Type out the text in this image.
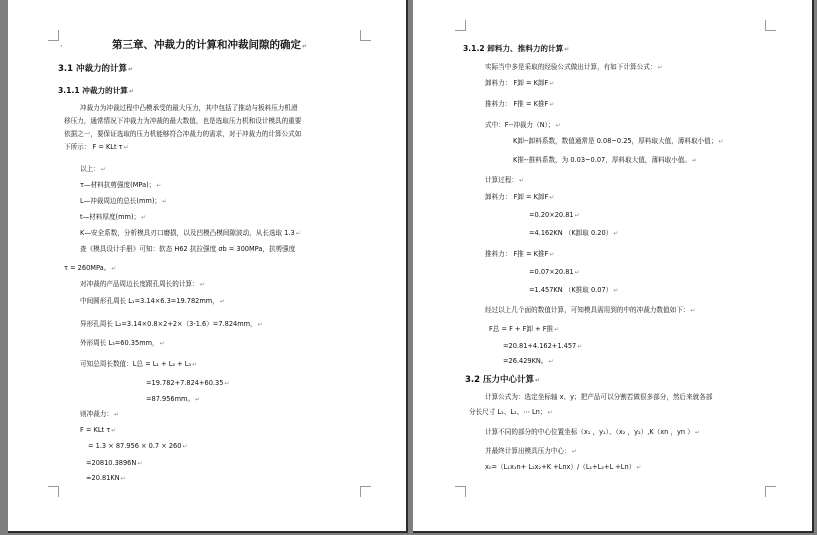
·	第三章、冲裁力的计算和冲裁间隙的确定↵
3.1 冲裁力的计算↵
3.1.1 冲裁力的计算↵
冲裁力为冲裁过程中凸模承受的最大压力，其中包括了推动与板料压力机滑
移压力，通常情况下冲裁力为冲裁的最大数值，也是选取压力机和设计模具的重要
依据之一，要保证选取的压力机能够符合冲裁力的需求，对于冲裁力的计算公式如
下所示： F = KLt τ↵
以上：↵
τ—材料抗剪强度(MPa)；↵
L—冲裁周边的总长(mm)；↵
t—材料厚度(mm)；↵
K—安全系数，分析模具刃口磨损，以及凹模凸模间隙波动，从长选取 1.3↵
查《模具设计手册》可知：软态 H62 抗拉强度 σb = 300MPa，抗剪强度
τ = 260MPa。↵
对冲裁的产品周边长度跟孔周长的计算：↵
中间圆形孔周长 L₁=3.14×6.3=19.782mm，↵
异形孔周长 L₂=3.14×0.8×2+2×（3-1.6）=7.824mm，↵
外形周长 L₃=60.35mm，↵
可知总周长数值：L总 = L₁ + L₂ + L₃↵
=19.782+7.824+60.35↵
=87.956mm。↵
则冲裁力：↵
F = KLt τ↵
= 1.3 × 87.956 × 0.7 × 260↵
=20810.3896N↵
≈20.81KN↵
3.1.2 卸料力、推料力的计算↵
实际当中多是采取的经验公式做出计算，有如下计算公式：↵
卸料力： F卸 = K卸F↵
推料力： F推 = K推F↵
式中：F--冲裁力（N）；↵
K卸--卸料系数，数值通常是 0.08~0.25，厚料取大值，薄料取小值；↵
K推--推料系数，为 0.03~0.07，厚料取大值，薄料取小值。↵
计算过程：↵
卸料力： F卸 = K卸F↵
=0.20×20.81↵
=4.162KN （K卸取 0.20）↵
推料力： F推 = K推F↵
=0.07×20.81↵
=1.457KN （K推取 0.07）↵
经过以上几个面的数值计算，可知模具需用到的中的冲裁力数值如下：↵
F总 = F + F卸 + F推↵
=20.81+4.162+1.457↵
=26.429KN。↵
3.2 压力中心计算↵
计算公式为：选定坐标轴 x、y；把产品可以分割若做很多部分，然后来就各部
分长尺寸 L₁、L₂、⋯ Ln；↵
计算不同的部分的中心位置坐标（x₁ ，y₁）、（x₂ ，y₂）,K（xn ，yn ）↵
并最终计算出模具压力中心：↵
x₀=（L₁x₁n+ L₂x₂+K +Lnx）/（L₁+L₂+L +Ln）↵
